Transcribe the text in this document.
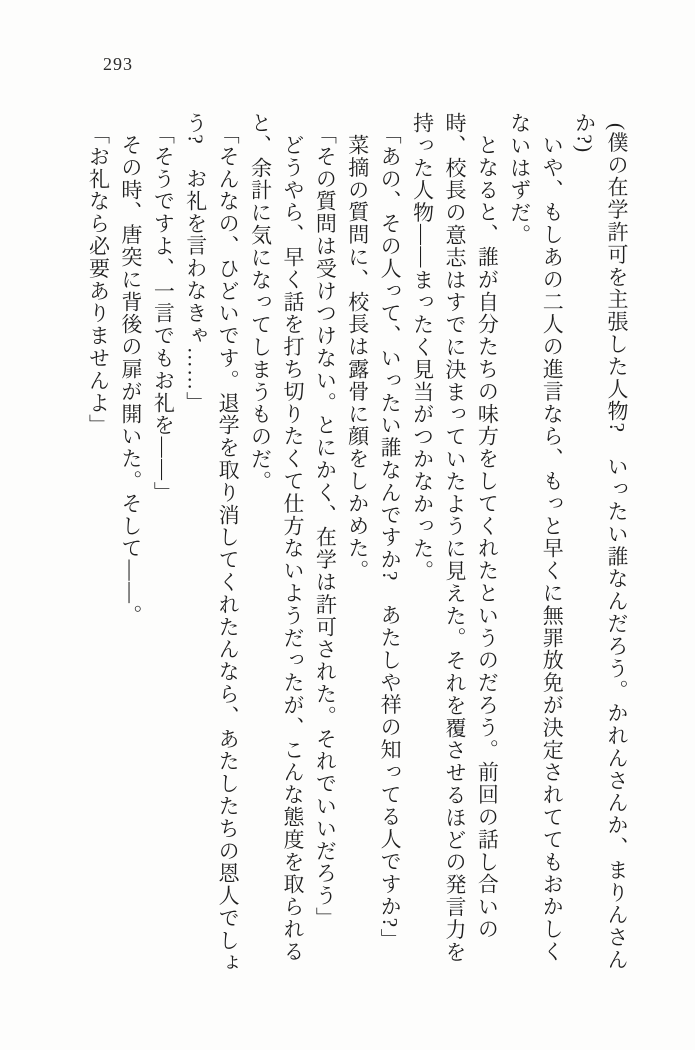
293

(僕の在学許可を主張した人物?　いったい誰なんだろう。かれんさんか、まりんさんか?)

いや、もしあの二人の進言なら、もっと早くに無罪放免が決定されててもおかしくないはずだ。

となると、誰が自分たちの味方をしてくれたというのだろう。前回の話し合いの時、校長の意志はすでに決まっていたように見えた。それを覆させるほどの発言力を持った人物――まったく見当がつかなかった。

「あの、その人って、いったい誰なんですか?　あたしや祥の知ってる人ですか?」

菜摘の質問に、校長は露骨に顔をしかめた。

「その質問は受けつけない。とにかく、在学は許可された。それでいいだろう」

どうやら、早く話を打ち切りたくて仕方ないようだったが、こんな態度を取られると、余計に気になってしまうものだ。

「そんなの、ひどいです。退学を取り消してくれたんなら、あたしたちの恩人でしょう?　お礼を言わなきゃ……」

「そうですよ、一言でもお礼を――」

その時、唐突に背後の扉が開いた。そして――。

「お礼なら必要ありませんよ」
